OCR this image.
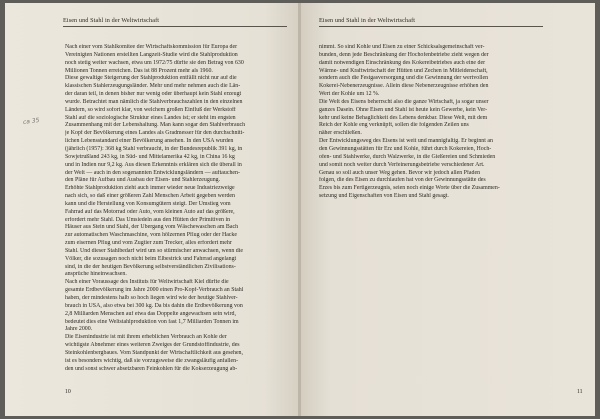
Eisen und Stahl in der Weltwirtschaft
Nach einer vom Stahlkomitee der Wirtschaftskommission für Europa der
Vereinigten Nationen erstellten Langzeit-Studie wird die Stahlproduktion
noch stetig weiter wachsen, etwa um 1972/75 dürfte sie den Betrag von 630
Millionen Tonnen erreichen. Das ist 88 Prozent mehr als 1960.
Diese gewaltige Steigerung der Stahlproduktion entfällt nicht nur auf die
klassischen Stahlerzeugungsländer. Mehr und mehr nehmen auch die Län-
der daran teil, in denen bisher nur wenig oder überhaupt kein Stahl erzeugt
wurde. Betrachtet man nämlich die Stahlverbrauchszahlen in den einzelnen
Ländern, so wird sofort klar, von welchem großen Einfluß der Werkstoff
Stahl auf die soziologische Struktur eines Landes ist; er steht im engsten
Zusammenhang mit der Lebenshaltung. Man kann sogar den Stahlverbrauch
je Kopf der Bevölkerung eines Landes als Gradmesser für den durchschnitt-
lichen Lebensstandard einer Bevölkerung ansehen. In den USA wurden
(jährlich (1957): 368 kg Stahl verbraucht, in der Bundesrepublik 391 kg, in
Sowjetrußland 243 kg, in Süd- und Mittelamerika 42 kg, in China 16 kg
und in Indien nur 9,2 kg. Aus diesen Erkenntnis erklären sich die überall in
der Welt — auch in den sogenannten Entwicklungsländern — auftauchen-
den Pläne für Aufbau und Ausbau der Eisen- und Stahlerzeugung.
Erhöhte Stahlproduktion zieht auch immer wieder neue Industriezweige
nach sich, so daß einer größeren Zahl Menschen Arbeit gegeben werden
kann und die Herstellung von Konsumgütern steigt. Der Umstieg vom
Fahrrad auf das Motorrad oder Auto, vom kleinen Auto auf das größere,
erfordert mehr Stahl. Das Umsiedeln aus den Hütten der Primitiven in
Häuser aus Stein und Stahl, der Übergang vom Wäschewaschen am Bach
zur automatischen Waschmaschine, vom hölzernen Pflug oder der Hacke
zum eisernen Pflug und vom Zugtier zum Trecker, alles erfordert mehr
Stahl. Und dieser Stahlbedarf wird um so stürmischer anwachsen, wenn die
Völker, die sozusagen noch nicht beim Elbestrick und Fahrrad angelangt
sind, in die der heutigen Bevölkerung selbstverständlichen Zivilisations-
ansprüche hineinwachsen.
Nach einer Voraussage des Instituts für Weltwirtschaft Kiel dürfte die
gesamte Erdbevölkerung im Jahre 2000 einen Pro-Kopf-Verbrauch an Stahl
haben, der mindestens halb so hoch liegen wird wie der heutige Stahlver-
brauch in USA, also etwa bei 300 kg. Da bis dahin die Erdbevölkerung von
2,8 Milliarden Menschen auf etwa das Doppelte angewachsen sein wird,
bedeutet dies eine Weltstahlproduktion von fast 1,7 Milliarden Tonnen im
Jahre 2000.
Die Eisenindustrie ist mit ihrem erheblichen Verbrauch an Kohle der
wichtigste Abnehmer eines weiteren Zweiges der Grundstoffindustrie, des
Steinkohlenbergbaues. Vom Standpunkt der Wirtschaftlichkeit aus gesehen,
ist es besonders wichtig, daß sie vorzugsweise die zwangsläufig anfallen-
den und sonst schwer absetzbaren Feinkohlen für die Kokserzeugung ab-
ca 35
10
Eisen und Stahl in der Weltwirtschaft
nimmt. So sind Kohle und Eisen zu einer Schicksalsgemeinschaft ver-
bunden, denn jede Beschränkung der Hochofenbetriebe zieht wegen der
damit notwendigen Einschränkung des Kokereibetriebes auch eine der
Wärme- und Kraftwirtschaft der Hütten und Zechen in Mitleidenschaft,
sondern auch die Festgasversorgung und die Gewinnung der wertvollen
Kokerei-Nebenerzeugnisse. Allein diese Nebenerzeugnisse erhöhen den
Wert der Kohle um 12 %.
Die Welt des Eisens beherrscht also die ganze Wirtschaft, ja sogar unser
ganzes Dasein. Ohne Eisen und Stahl ist heute kein Gewerbe, kein Ver-
kehr und keine Behaglichkeit des Lebens denkbar. Diese Welt, mit dem
Reich der Kohle eng verknüpft, sollen die folgenden Zeilen uns
näher erschließen.
Der Entwicklungsweg des Eisens ist weit und mannigfaltig. Er beginnt an
den Gewinnungsstätten für Erz und Kohle, führt durch Kokereien, Hoch-
ofen- und Stahlwerke, durch Walzwerke, in die Gießereien und Schmieden
und somit noch weiter durch Verfeinerungsbetriebe verschiedener Art.
Genau so soll auch unser Weg gehen. Bevor wir jedoch allen Pfaden
folgen, die des Eisen zu durchlaufen hat von der Gewinnungsstätte des
Erzes bis zum Fertigerzeugnis, seien noch einige Worte über die Zusammen-
setzung und Eigenschaften von Eisen und Stahl gesagt.
11
